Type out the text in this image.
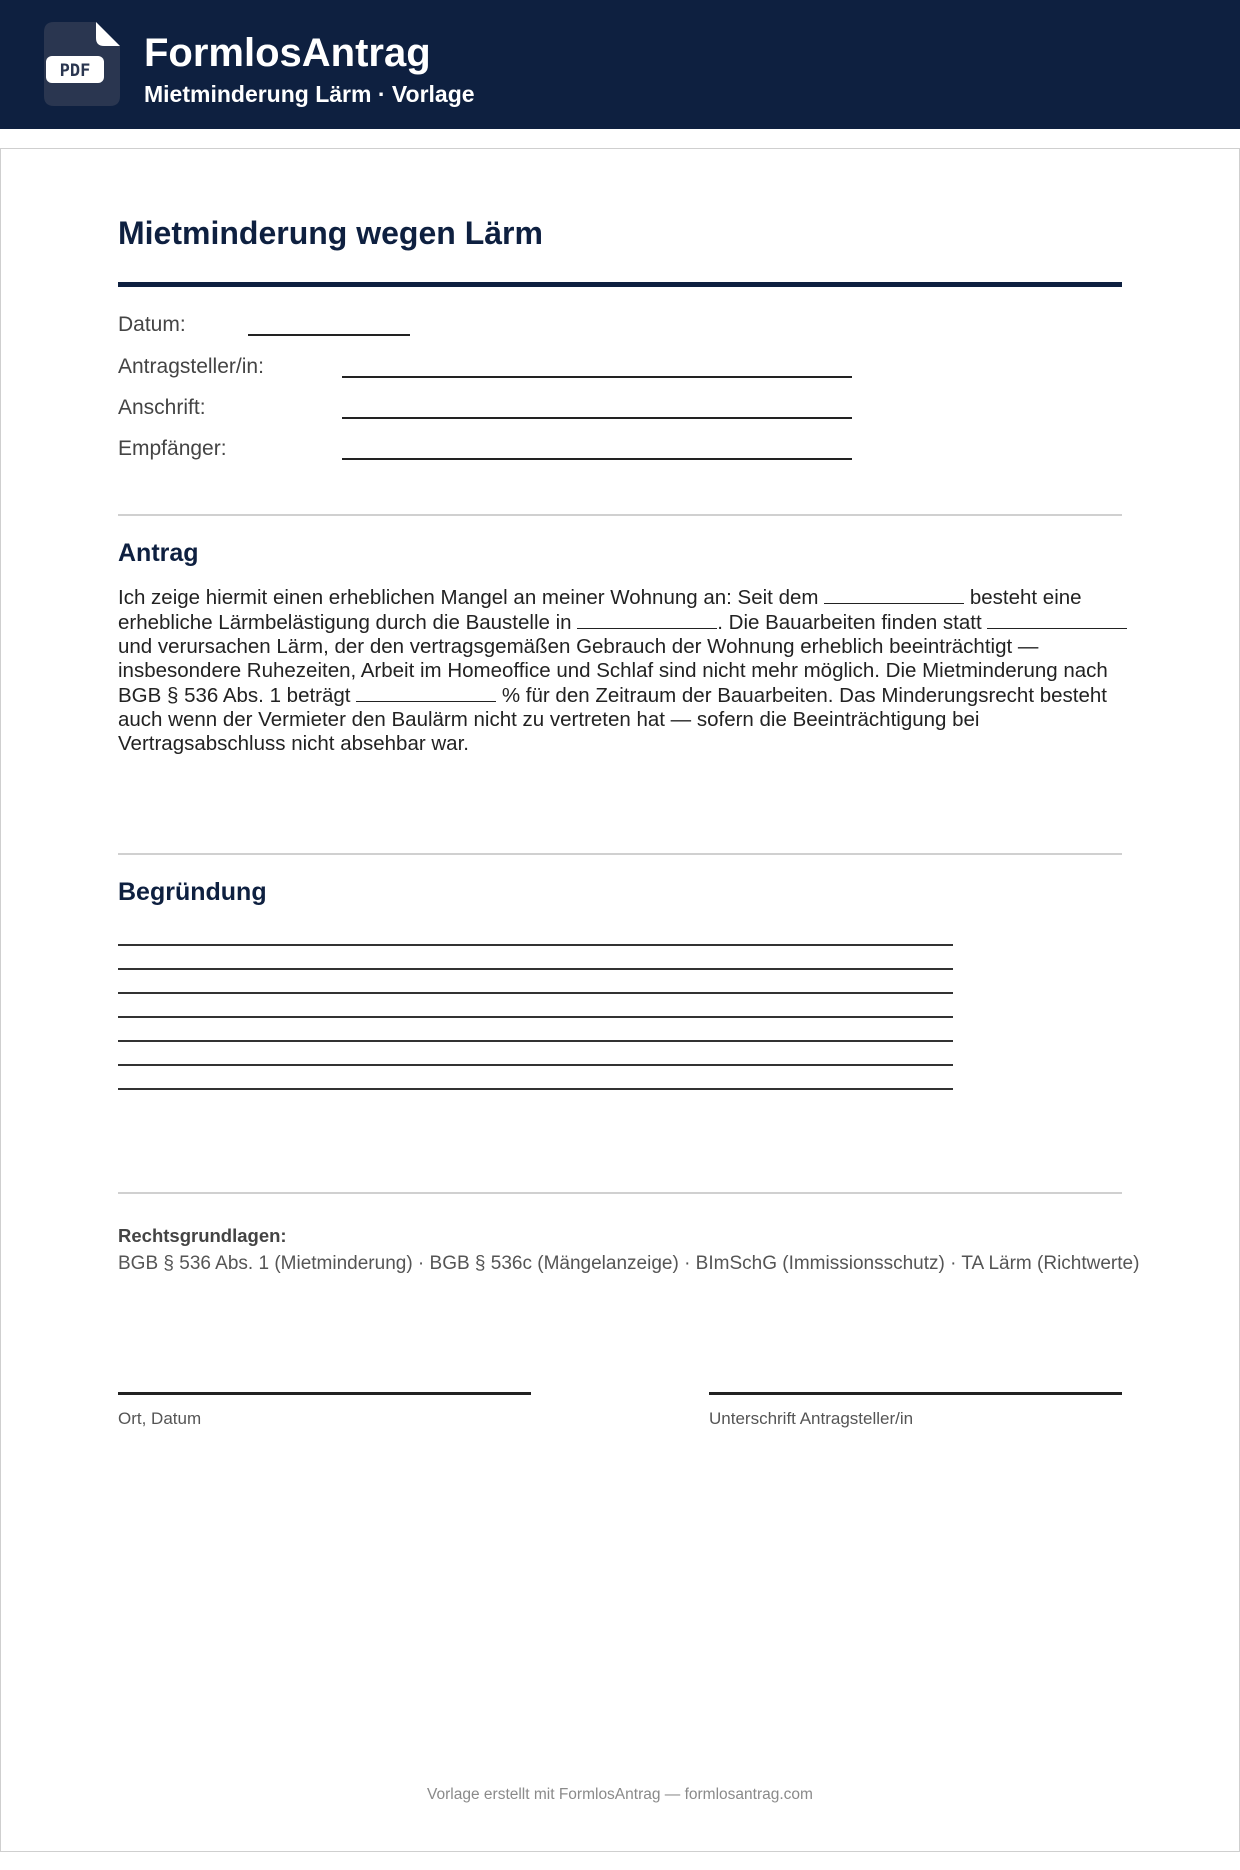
PDF FormlosAntrag
Mietminderung Lärm · Vorlage
Mietminderung wegen Lärm
Datum:
Antragsteller/in:
Anschrift:
Empfänger:
Antrag

Ich zeige hiermit einen erheblichen Mangel an meiner Wohnung an: Seit dem	besteht eine erhebliche Lärmbelästigung durch die Baustelle in	. Die Bauarbeiten finden statt  und verursachen Lärm, der den vertragsgemäßen Gebrauch der Wohnung erheblich beeinträchtigt — insbesondere Ruhezeiten, Arbeit im Homeoffice und Schlaf sind nicht mehr möglich. Die Mietminderung nach BGB § 536 Abs. 1 beträgt	% für den Zeitraum der Bauarbeiten. Das Minderungsrecht besteht auch wenn der Vermieter den Baulärm nicht zu vertreten hat — sofern die Beeinträchtigung bei Vertragsabschluss nicht absehbar war.

Begründung
Rechtsgrundlagen:
BGB § 536 Abs. 1 (Mietminderung) · BGB § 536c (Mängelanzeige) · BImSchG (Immissionsschutz) · TA Lärm (Richtwerte)
Ort, Datum	Unterschrift Antragsteller/in
Vorlage erstellt mit FormlosAntrag — formlosantrag.com
